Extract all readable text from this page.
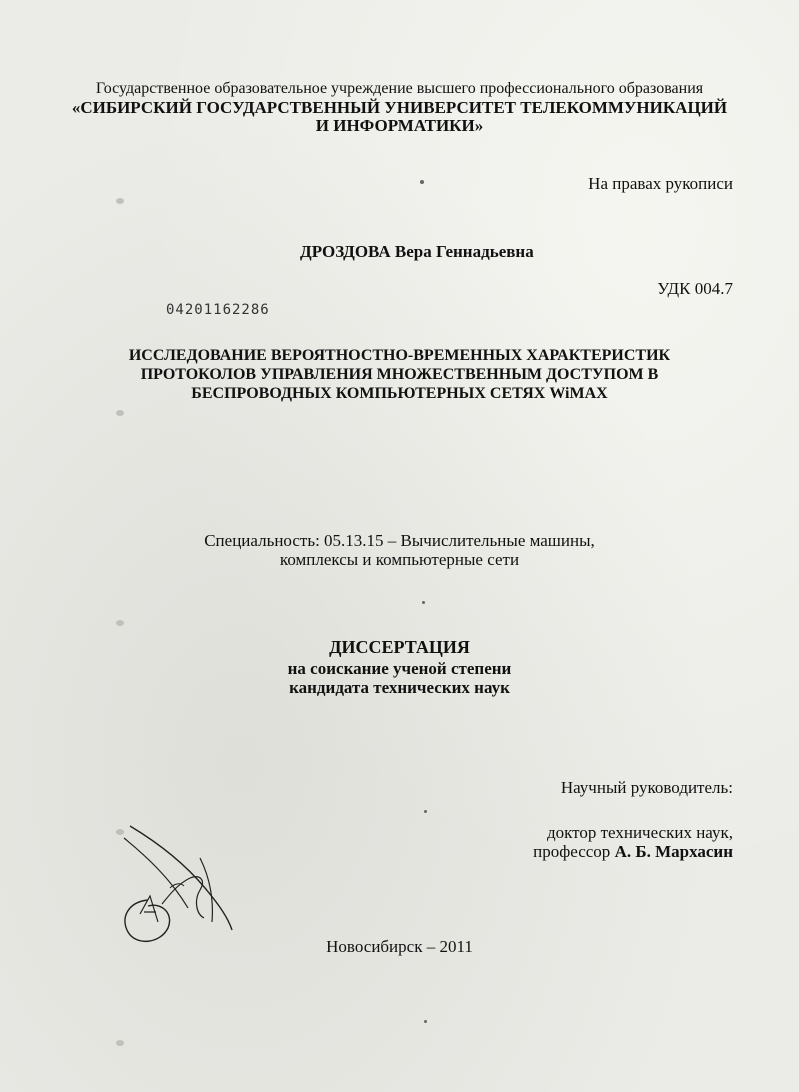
Государственное образовательное учреждение высшего профессионального образования
«СИБИРСКИЙ ГОСУДАРСТВЕННЫЙ УНИВЕРСИТЕТ ТЕЛЕКОММУНИКАЦИЙ
И ИНФОРМАТИКИ»
На правах рукописи
ДРОЗДОВА Вера Геннадьевна
УДК 004.7
04201162286
ИССЛЕДОВАНИЕ ВЕРОЯТНОСТНО-ВРЕМЕННЫХ ХАРАКТЕРИСТИК
ПРОТОКОЛОВ УПРАВЛЕНИЯ МНОЖЕСТВЕННЫМ ДОСТУПОМ В
БЕСПРОВОДНЫХ КОМПЬЮТЕРНЫХ СЕТЯХ WiMAX
Специальность: 05.13.15 – Вычислительные машины,
комплексы и компьютерные сети
ДИССЕРТАЦИЯ
на соискание ученой степени
кандидата технических наук
Научный руководитель:
доктор технических наук,
профессор А. Б. Мархасин
Новосибирск – 2011
